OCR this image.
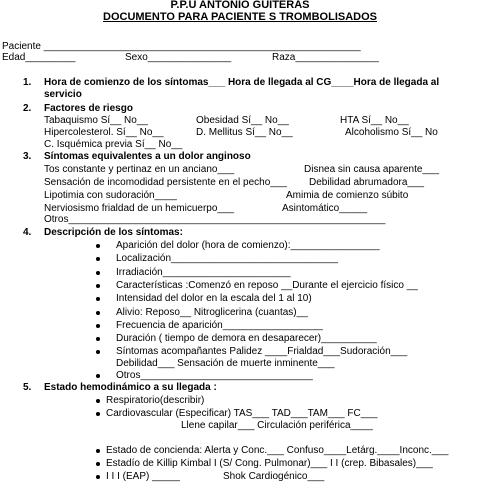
P.P.U ANTONIO GUITERAS
DOCUMENTO PARA PACIENTE S TROMBOLISADOS
Paciente _________________________________________________________
Edad_________	Sexo_______________	Raza_______________
1. Hora de comienzo de los síntomas___ Hora de llegada al CG____Hora de llegada al
servicio
2. Factores de riesgo
Tabaquismo Sí__ No__	Obesidad Sí__ No__	HTA Sí__ No__
Hipercolesterol. Sí__ No__	D. Mellitus Sí__ No__	Alcoholismo Sí__ No
C. Isquémica previa Sí__ No__
3. Síntomas equivalentes a un dolor anginoso
Tos constante y pertinaz en un anciano___	Disnea sin causa aparente___
Sensación de incomodidad persistente en el pecho___ Debilidad abrumadora___
Lipotimia con sudoración____	Amimia de comienzo súbito
Nerviosismo frialdad de un hemicuerpo___	Asintomático_____
Otros_________________________________________________________
4. Descripción de los síntomas:
Aparición del dolor (hora de comienzo):________________
Localización______________________________
Irradiación_______________________
Características :Comenzó en reposo __Durante el ejercicio físico __
Intensidad del dolor en la escala del 1 al 10)
Alivio: Reposo__ Nitroglicerina (cuantas)__
Frecuencia de aparición__________________
Duración ( tiempo de demora en desaparecer)__________
Síntomas acompañantes Palidez ____Frialdad___Sudoración___
Debilidad___ Sensación de muerte inminente___
Otros_______________________________
5. Estado hemodinámico a su llegada :
Respiratorio(describir)
Cardiovascular (Especificar) TAS___ TAD___TAM___ FC___
Llene capilar___ Circulación periférica____
Estado de concienda: Alerta y Conc.___ Confuso____Letárg.____Inconc.___
Estadío de Killip Kimbal I (S/ Cong. Pulmonar)___ I I (crep. Bibasales)___
I I I (EAP) _____	Shok Cardiogénico___
